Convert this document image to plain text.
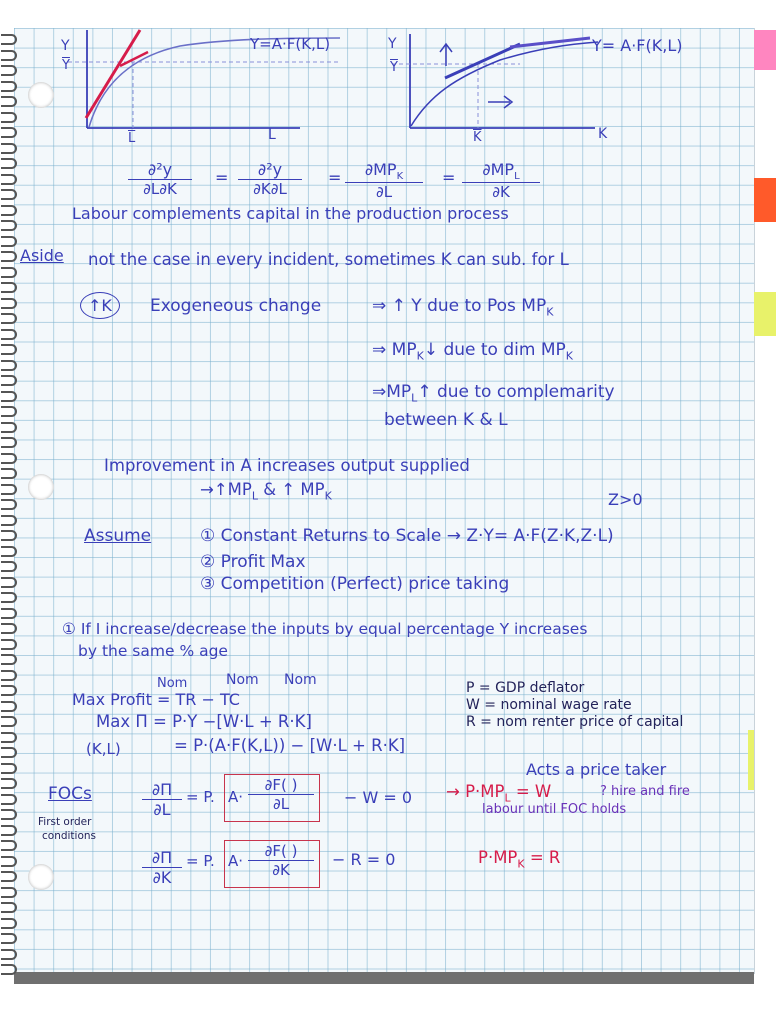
Y
$\overline{Y}$
Y=A·F(K,L)
$\overline{L}$	L
Y
$\overline{Y}$
Y= A·F(K,L)
$\overline{K}$	K
$\frac{\text{∂²y}}{\partial L\partial K} = \frac{\text{∂²y}}{\partial K\partial L}$ =	$\partial MP_K$
∂L
=	$\partial MP_L$
∂K
Labour complements capital in the production process
Aside not the case in every incident, sometimes K can sub. for L
↑K	Exogeneous change	⇒ ↑ Y due to Pos $MP_K$
⇒ $MP_K↓$ due to dim $MP_K$
$\Rightarrow MP_L↑$ due to complemarity
between K & L
Improvement in A increases output supplied
$\to↑MP_L$ & ↑ $MP_K$	Z>0
Assume	① Constant Returns to Scale → Z·Y= A·F(Z·K,Z·L)
② Profit Max
③ Competition (Perfect) price taking
① If I increase/decrease the inputs by equal percentage Y increases
by the same % age
Nom	Nom Nom
Max Profit = TR − TC
Max Π = P·Y −[W·L + R·K]
(K,L)	= P·(A·F(K,L)) − [W·L + R·K]
P = GDP deflator
W = nominal wage rate
R = nom renter price of capital
Acts a price taker
FOCs
First order
conditions
$\frac{\partial\Pi}{\partial L} = P$. $A\cdot \frac{\partial F( )}{\partial L} - W = 0 \to P\cdot MP_L = W$	? hire and fire
labour until FOC holds
$\frac{\partial\Pi}{\partial K} = P$. $A\cdot \frac{\partial F( )}{\partial K} - R = 0$	$P\cdot MP_K = R$
